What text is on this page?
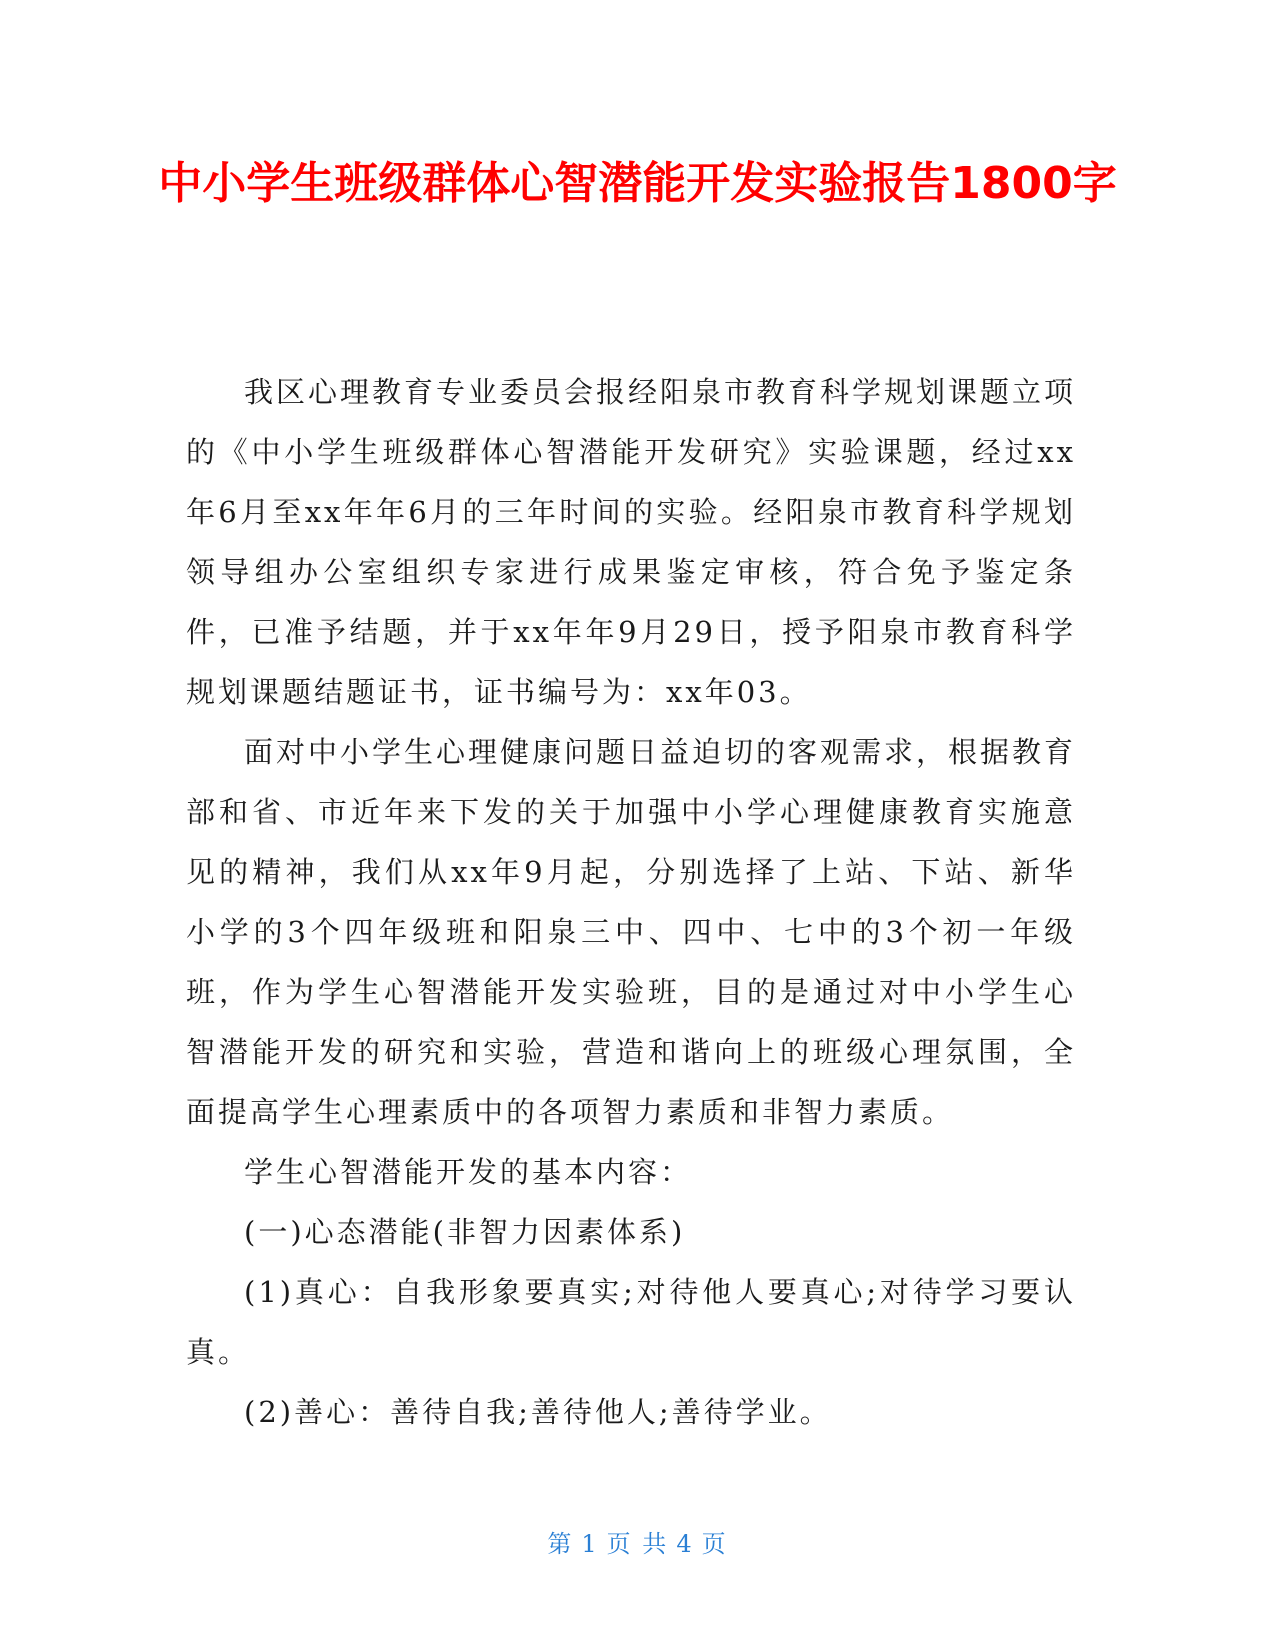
中小学生班级群体心智潜能开发实验报告1800字

我区心理教育专业委员会报经阳泉市教育科学规划课题立项的《中小学生班级群体心智潜能开发研究》实验课题，经过xx年6月至xx年年6月的三年时间的实验。经阳泉市教育科学规划领导组办公室组织专家进行成果鉴定审核，符合免予鉴定条件，已准予结题，并于xx年年9月29日，授予阳泉市教育科学规划课题结题证书，证书编号为：xx年03。

面对中小学生心理健康问题日益迫切的客观需求，根据教育部和省、市近年来下发的关于加强中小学心理健康教育实施意见的精神，我们从xx年9月起，分别选择了上站、下站、新华小学的3个四年级班和阳泉三中、四中、七中的3个初一年级班，作为学生心智潜能开发实验班，目的是通过对中小学生心智潜能开发的研究和实验，营造和谐向上的班级心理氛围，全面提高学生心理素质中的各项智力素质和非智力素质。

学生心智潜能开发的基本内容：

(一)心态潜能(非智力因素体系)

(1)真心：自我形象要真实;对待他人要真心;对待学习要认真。

(2)善心：善待自我;善待他人;善待学业。

第 1 页 共 4 页
